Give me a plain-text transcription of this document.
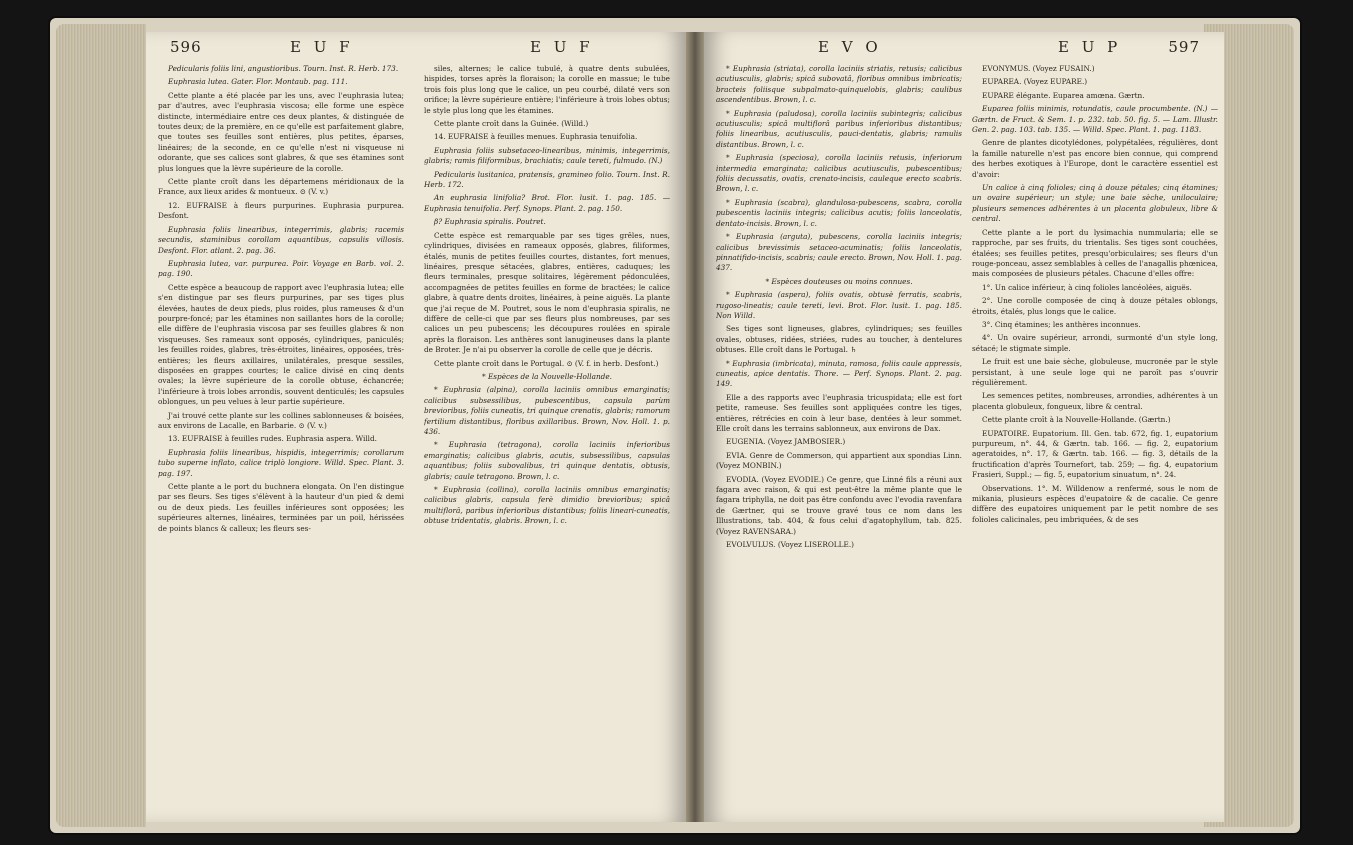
596	E U F	E U F

Pedicularis foliis lini, angustioribus. Tourn. Inst. R. Herb. 173.

Euphrasia lutea. Gater. Flor. Montaub. pag. 111.

Cette plante a été placée par les uns, avec l'euphrasia lutea; par d'autres, avec l'euphrasia viscosa; elle forme une espèce distincte, intermédiaire entre ces deux plantes, & distinguée de toutes deux; de la première, en ce qu'elle est parfaitement glabre, que toutes ses feuilles sont entières, plus petites, éparses, linéaires; de la seconde, en ce qu'elle n'est ni visqueuse ni odorante, que ses calices sont glabres, & que ses étamines sont plus longues que la lèvre supérieure de la corolle.

Cette plante croît dans les départemens méridionaux de la France, aux lieux arides & montueux. ⊙ (V. v.)

12. EUFRAISE à fleurs purpurines. Euphrasia purpurea. Desfont.

Euphrasia foliis linearibus, integerrimis, glabris; racemis secundis, staminibus corollam aquantibus, capsulis villosis. Desfont. Flor. atlant. 2. pag. 36.

Euphrasia lutea, var. purpurea. Poir. Voyage en Barb. vol. 2. pag. 190.

Cette espèce a beaucoup de rapport avec l'euphrasia lutea; elle s'en distingue par ses fleurs purpurines, par ses tiges plus élevées, hautes de deux pieds, plus roides, plus rameuses & d'un pourpre-foncé; par les étamines non saillantes hors de la corolle; elle diffère de l'euphrasia viscosa par ses feuilles glabres & non visqueuses. Ses rameaux sont opposés, cylindriques, paniculés; les feuilles roides, glabres, très-étroites, linéaires, opposées, très-entières; les fleurs axillaires, unilatérales, presque sessiles, disposées en grappes courtes; le calice divisé en cinq dents ovales; la lèvre supérieure de la corolle obtuse, échancrée; l'inférieure à trois lobes arrondis, souvent denticulés; les capsules oblongues, un peu velues à leur partie supérieure.

J'ai trouvé cette plante sur les collines sablonneuses & boisées, aux environs de Lacalle, en Barbarie. ⊙ (V. v.)

13. EUFRAISE à feuilles rudes. Euphrasia aspera. Willd.

Euphrasia foliis linearibus, hispidis, integerrimis; corollarum tubo superne inflato, calice triplò longiore. Willd. Spec. Plant. 3. pag. 197.

Cette plante a le port du buchnera elongata. On l'en distingue par ses fleurs. Ses tiges s'élèvent à la hauteur d'un pied & demi ou de deux pieds. Les feuilles inférieures sont opposées; les supérieures alternes, linéaires, terminées par un poil, hérissées de points blancs & calleux; les fleurs ses-

siles, alternes; le calice tubulé, à quatre dents subulées, hispides, torses après la floraison; la corolle en massue; le tube trois fois plus long que le calice, un peu courbé, dilaté vers son orifice; la lèvre supérieure entière; l'inférieure à trois lobes obtus; le style plus long que les étamines.

Cette plante croît dans la Guinée. (Willd.)

14. EUFRAISE à feuilles menues. Euphrasia tenuifolia.

Euphrasia foliis subsetaceo-linearibus, minimis, integerrimis, glabris; ramis filiformibus, brachiatis; caule tereti, fulmudo. (N.)

Pedicularis lusitanica, pratensis, gramineo folio. Tourn. Inst. R. Herb. 172.

An euphrasia linifolia? Brot. Flor. lusit. 1. pag. 185. — Euphrasia tenuifolia. Perf. Synops. Plant. 2. pag. 150.

β? Euphrasia spiralis. Poutret.

Cette espèce est remarquable par ses tiges grêles, nues, cylindriques, divisées en rameaux opposés, glabres, filiformes, étalés, munis de petites feuilles courtes, distantes, fort menues, linéaires, presque sétacées, glabres, entières, caduques; les fleurs terminales, presque solitaires, légèrement pédonculées, accompagnées de petites feuilles en forme de bractées; le calice glabre, à quatre dents droites, linéaires, à peine aiguës. La plante que j'ai reçue de M. Poutret, sous le nom d'euphrasia spiralis, ne diffère de celle-ci que par ses fleurs plus nombreuses, par ses calices un peu pubescens; les découpures roulées en spirale après la floraison. Les anthères sont lanugineuses dans la plante de Broter. Je n'ai pu observer la corolle de celle que je décris.

Cette plante croît dans le Portugal. ⊙ (V. f. in herb. Desfont.)

* Espèces de la Nouvelle-Hollande.

* Euphrasia (alpina), corolla laciniis omnibus emarginatis; calicibus subsessilibus, pubescentibus, capsula parùm brevioribus, foliis cuneatis, tri quinque crenatis, glabris; ramorum fertilium distantibus, floribus axillaribus. Brown, Nov. Holl. 1. p. 436.

* Euphrasia (tetragona), corolla laciniis inferioribus emarginatis; calicibus glabris, acutis, subsessilibus, capsulas aquantibus; foliis subovalibus, tri quinque dentatis, obtusis, glabris; caule tetragono. Brown, l. c.

* Euphrasia (collina), corolla laciniis omnibus emarginatis; calicibus glabris, capsula ferè dimidio brevioribus; spicâ multiflorâ, paribus inferioribus distantibus; foliis lineari-cuneatis, obtuse tridentatis, glabris. Brown, l. c.

E V O	E U P	597

* Euphrasia (striata), corolla laciniis striatis, retusis; calicibus acutiusculis, glabris; spicâ subovatâ, floribus omnibus imbricatis; bracteis foliisque subpalmato-quinquelobis, glabris; caulibus ascendentibus. Brown, l. c.

* Euphrasia (paludosa), corolla laciniis subintegris; calicibus acutiusculis; spicâ multiflorâ paribus inferioribus distantibus; foliis linearibus, acutiusculis, pauci-dentatis, glabris; ramulis distantibus. Brown, l. c.

* Euphrasia (speciosa), corolla laciniis retusis, inferiorum intermedia emarginata; calicibus acutiusculis, pubescentibus; foliis decussatis, ovatis, crenato-incisis, cauleque erecto scabris. Brown, l. c.

* Euphrasia (scabra), glandulosa-pubescens, scabra, corolla pubescentis laciniis integris; calicibus acutis; foliis lanceolatis, dentato-incisis. Brown, l. c.

* Euphrasia (arguta), pubescens, corolla laciniis integris; calicibus brevissimis setaceo-acuminatis; foliis lanceolatis, pinnatifido-incisis, scabris; caule erecto. Brown, Nov. Holl. 1. pag. 437.

* Espèces douteuses ou moins connues.

* Euphrasia (aspera), foliis ovatis, obtusè ferratis, scabris, rugoso-lineatis; caule tereti, levi. Brot. Flor. lusit. 1. pag. 185. Non Willd.

Ses tiges sont ligneuses, glabres, cylindriques; ses feuilles ovales, obtuses, ridées, striées, rudes au toucher, à dentelures obtuses. Elle croît dans le Portugal. ♄

* Euphrasia (imbricata), minuta, ramosa, foliis caule appressis, cuneatis, apice dentatis. Thore. — Perf. Synops. Plant. 2. pag. 149.

Elle a des rapports avec l'euphrasia tricuspidata; elle est fort petite, rameuse. Ses feuilles sont appliquées contre les tiges, entières, rétrécies en coin à leur base, dentées à leur sommet. Elle croît dans les terrains sablonneux, aux environs de Dax.

EUGENIA. (Voyez JAMBOSIER.)

EVIA. Genre de Commerson, qui appartient aux spondias Linn. (Voyez MONBIN.)

EVODIA. (Voyez EVODIE.) Ce genre, que Linné fils a réuni aux fagara avec raison, & qui est peut-être la même plante que le fagara triphylla, ne doit pas être confondu avec l'evodia ravenfara de Gærtner, qui se trouve gravé tous ce nom dans les Illustrations, tab. 404, & fous celui d'agatophyllum, tab. 825. (Voyez RAVENSARA.)

EVOLVULUS. (Voyez LISEROLLE.)

EVONYMUS. (Voyez FUSAIN.)

EUPAREA. (Voyez EUPARE.)

EUPARE élégante. Euparea amœna. Gærtn.

Euparea foliis minimis, rotundatis, caule procumbente. (N.) — Gærtn. de Fruct. & Sem. 1. p. 232. tab. 50. fig. 5. — Lam. Illustr. Gen. 2. pag. 103. tab. 135. — Willd. Spec. Plant. 1. pag. 1183.

Genre de plantes dicotylédones, polypétalées, régulières, dont la famille naturelle n'est pas encore bien connue, qui comprend des herbes exotiques à l'Europe, dont le caractère essentiel est d'avoir:

Un calice à cinq folioles; cinq à douze pétales; cinq étamines; un ovaire supérieur; un style; une baie sèche, uniloculaire; plusieurs semences adhérentes à un placenta globuleux, libre & central.

Cette plante a le port du lysimachia nummularia; elle se rapproche, par ses fruits, du trientalis. Ses tiges sont couchées, étalées; ses feuilles petites, presqu'orbiculaires; ses fleurs d'un rouge-ponceau, assez semblables à celles de l'anagallis phœnicea, mais composées de plusieurs pétales. Chacune d'elles offre:

1°. Un calice inférieur, à cinq folioles lancéolées, aiguës.

2°. Une corolle composée de cinq à douze pétales oblongs, étroits, étalés, plus longs que le calice.

3°. Cinq étamines; les anthères inconnues.

4°. Un ovaire supérieur, arrondi, surmonté d'un style long, sétacé; le stigmate simple.

Le fruit est une baie sèche, globuleuse, mucronée par le style persistant, à une seule loge qui ne paroît pas s'ouvrir régulièrement.

Les semences petites, nombreuses, arrondies, adhérentes à un placenta globuleux, fongueux, libre & central.

Cette plante croît à la Nouvelle-Hollande. (Gærtn.)

EUPATOIRE. Eupatorium. Ill. Gen. tab. 672, fig. 1, eupatorium purpureum, n°. 44, & Gærtn. tab. 166. — fig. 2, eupatorium ageratoides, n°. 17, & Gærtn. tab. 166. — fig. 3, détails de la fructification d'après Tournefort, tab. 259; — fig. 4, eupatorium Frasieri, Suppl.; — fig. 5, eupatorium sinuatum, n°. 24.

Observations. 1°. M. Willdenow a renfermé, sous le nom de mikania, plusieurs espèces d'eupatoire & de cacalie. Ce genre diffère des eupatoires uniquement par le petit nombre de ses folioles calicinales, peu imbriquées, & de ses
